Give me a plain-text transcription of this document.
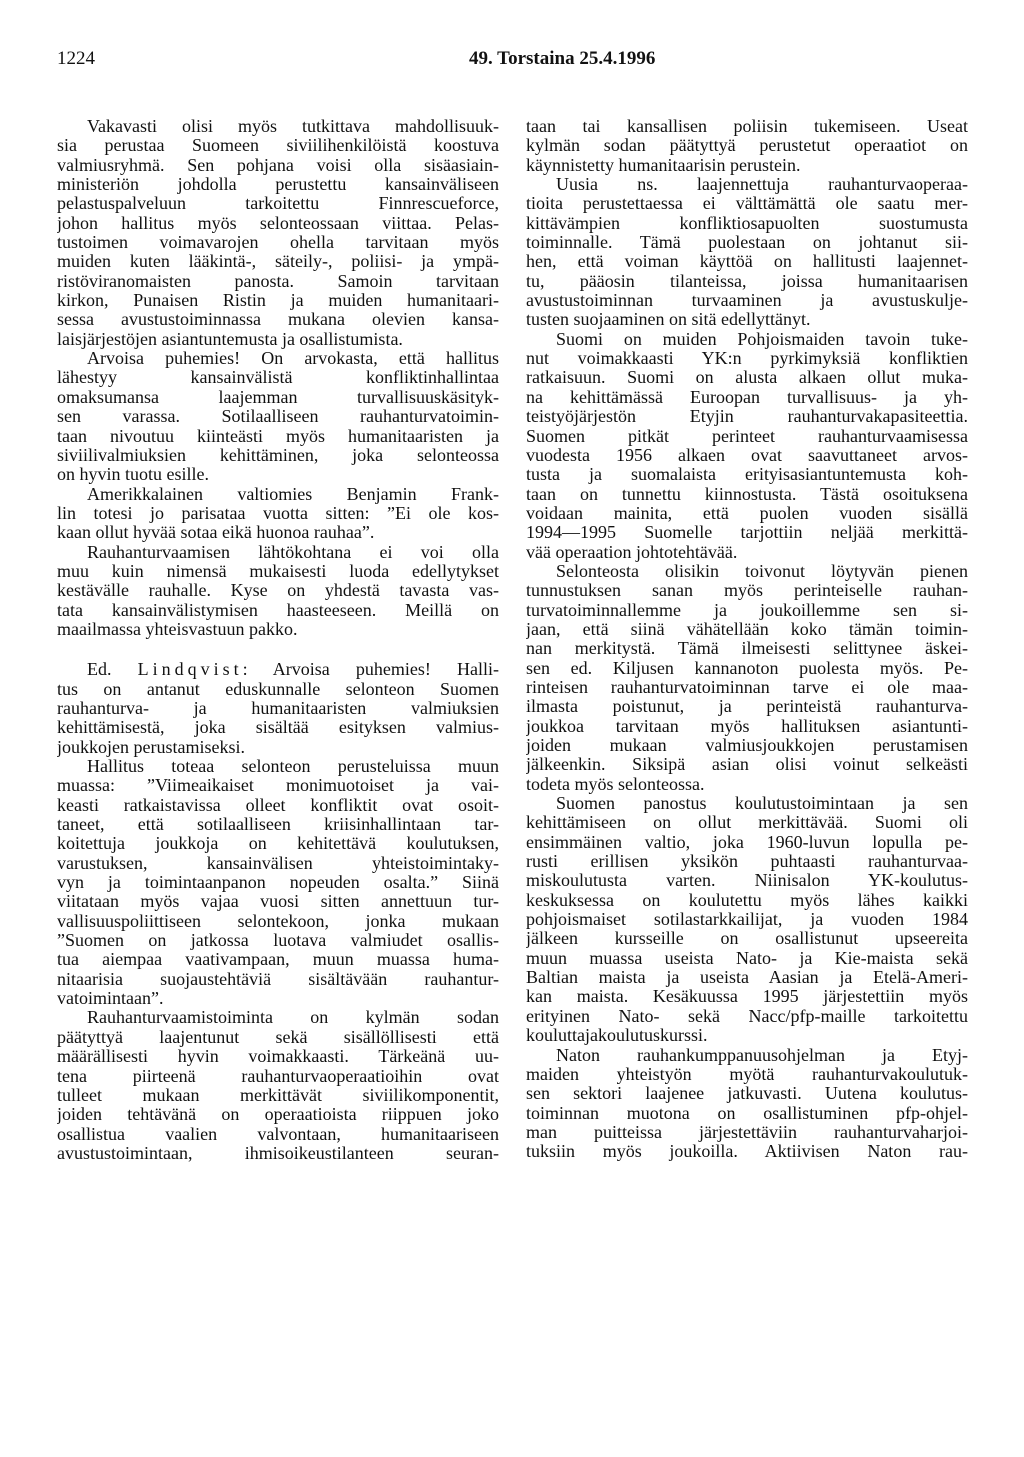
1224	49. Torstaina 25.4.1996
Vakavasti olisi myös tutkittava mahdollisuuk-
sia perustaa Suomeen siviilihenkilöistä koostuva
valmiusryhmä. Sen pohjana voisi olla sisäasiain-
ministeriön johdolla perustettu kansainväliseen
pelastuspalveluun tarkoitettu Finnrescueforce,
johon hallitus myös selonteossaan viittaa. Pelas-
tustoimen voimavarojen ohella tarvitaan myös
muiden kuten lääkintä-, säteily-, poliisi- ja ympä-
ristöviranomaisten panosta. Samoin tarvitaan
kirkon, Punaisen Ristin ja muiden humanitaari-
sessa avustustoiminnassa mukana olevien kansa-
laisjärjestöjen asiantuntemusta ja osallistumista.
Arvoisa puhemies! On arvokasta, että hallitus
lähestyy kansainvälistä konfliktinhallintaa
omaksumansa laajemman turvallisuuskäsityk-
sen varassa. Sotilaalliseen rauhanturvatoimin-
taan nivoutuu kiinteästi myös humanitaaristen ja
siviilivalmiuksien kehittäminen, joka selonteossa
on hyvin tuotu esille.
Amerikkalainen valtiomies Benjamin Frank-
lin totesi jo parisataa vuotta sitten: ”Ei ole kos-
kaan ollut hyvää sotaa eikä huonoa rauhaa”.
Rauhanturvaamisen lähtökohtana ei voi olla
muu kuin nimensä mukaisesti luoda edellytykset
kestävälle rauhalle. Kyse on yhdestä tavasta vas-
tata kansainvälistymisen haasteeseen. Meillä on
maailmassa yhteisvastuun pakko.
Ed. Lindqvist: Arvoisa puhemies! Halli-
tus on antanut eduskunnalle selonteon Suomen
rauhanturva- ja humanitaaristen valmiuksien
kehittämisestä, joka sisältää esityksen valmius-
joukkojen perustamiseksi.
Hallitus toteaa selonteon perusteluissa muun
muassa: ”Viimeaikaiset monimuotoiset ja vai-
keasti ratkaistavissa olleet konfliktit ovat osoit-
taneet, että sotilaalliseen kriisinhallintaan tar-
koitettuja joukkoja on kehitettävä koulutuksen,
varustuksen, kansainvälisen yhteistoimintaky-
vyn ja toimintaanpanon nopeuden osalta.” Siinä
viitataan myös vajaa vuosi sitten annettuun tur-
vallisuuspoliittiseen selontekoon, jonka mukaan
”Suomen on jatkossa luotava valmiudet osallis-
tua aiempaa vaativampaan, muun muassa huma-
nitaarisia suojaustehtäviä sisältävään rauhantur-
vatoimintaan”.
Rauhanturvaamistoiminta on kylmän sodan
päätyttyä laajentunut sekä sisällöllisesti että
määrällisesti hyvin voimakkaasti. Tärkeänä uu-
tena piirteenä rauhanturvaoperaatioihin ovat
tulleet mukaan merkittävät siviilikomponentit,
joiden tehtävänä on operaatioista riippuen joko
osallistua vaalien valvontaan, humanitaariseen
avustustoimintaan, ihmisoikeustilanteen seuran-
taan tai kansallisen poliisin tukemiseen. Useat
kylmän sodan päätyttyä perustetut operaatiot on
käynnistetty humanitaarisin perustein.
Uusia ns. laajennettuja rauhanturvaoperaa-
tioita perustettaessa ei välttämättä ole saatu mer-
kittävämpien konfliktiosapuolten suostumusta
toiminnalle. Tämä puolestaan on johtanut sii-
hen, että voiman käyttöä on hallitusti laajennet-
tu, pääosin tilanteissa, joissa humanitaarisen
avustustoiminnan turvaaminen ja avustuskulje-
tusten suojaaminen on sitä edellyttänyt.
Suomi on muiden Pohjoismaiden tavoin tuke-
nut voimakkaasti YK:n pyrkimyksiä konfliktien
ratkaisuun. Suomi on alusta alkaen ollut muka-
na kehittämässä Euroopan turvallisuus- ja yh-
teistyöjärjestön Etyjin rauhanturvakapasiteettia.
Suomen pitkät perinteet rauhanturvaamisessa
vuodesta 1956 alkaen ovat saavuttaneet arvos-
tusta ja suomalaista erityisasiantuntemusta koh-
taan on tunnettu kiinnostusta. Tästä osoituksena
voidaan mainita, että puolen vuoden sisällä
1994—1995 Suomelle tarjottiin neljää merkittä-
vää operaation johtotehtävää.
Selonteosta olisikin toivonut löytyvän pienen
tunnustuksen sanan myös perinteiselle rauhan-
turvatoiminnallemme ja joukoillemme sen si-
jaan, että siinä vähätellään koko tämän toimin-
nan merkitystä. Tämä ilmeisesti selittynee äskei-
sen ed. Kiljusen kannanoton puolesta myös. Pe-
rinteisen rauhanturvatoiminnan tarve ei ole maa-
ilmasta poistunut, ja perinteistä rauhanturva-
joukkoa tarvitaan myös hallituksen asiantunti-
joiden mukaan valmiusjoukkojen perustamisen
jälkeenkin. Siksipä asian olisi voinut selkeästi
todeta myös selonteossa.
Suomen panostus koulutustoimintaan ja sen
kehittämiseen on ollut merkittävää. Suomi oli
ensimmäinen valtio, joka 1960-luvun lopulla pe-
rusti erillisen yksikön puhtaasti rauhanturvaa-
miskoulutusta varten. Niinisalon YK-koulutus-
keskuksessa on koulutettu myös lähes kaikki
pohjoismaiset sotilastarkkailijat, ja vuoden 1984
jälkeen kursseille on osallistunut upseereita
muun muassa useista Nato- ja Kie-maista sekä
Baltian maista ja useista Aasian ja Etelä-Ameri-
kan maista. Kesäkuussa 1995 järjestettiin myös
erityinen Nato- sekä Nacc/pfp-maille tarkoitettu
kouluttajakoulutuskurssi.
Naton rauhankumppanuusohjelman ja Etyj-
maiden yhteistyön myötä rauhanturvakoulutuk-
sen sektori laajenee jatkuvasti. Uutena koulutus-
toiminnan muotona on osallistuminen pfp-ohjel-
man puitteissa järjestettäviin rauhanturvaharjoi-
tuksiin myös joukoilla. Aktiivisen Naton rau-
